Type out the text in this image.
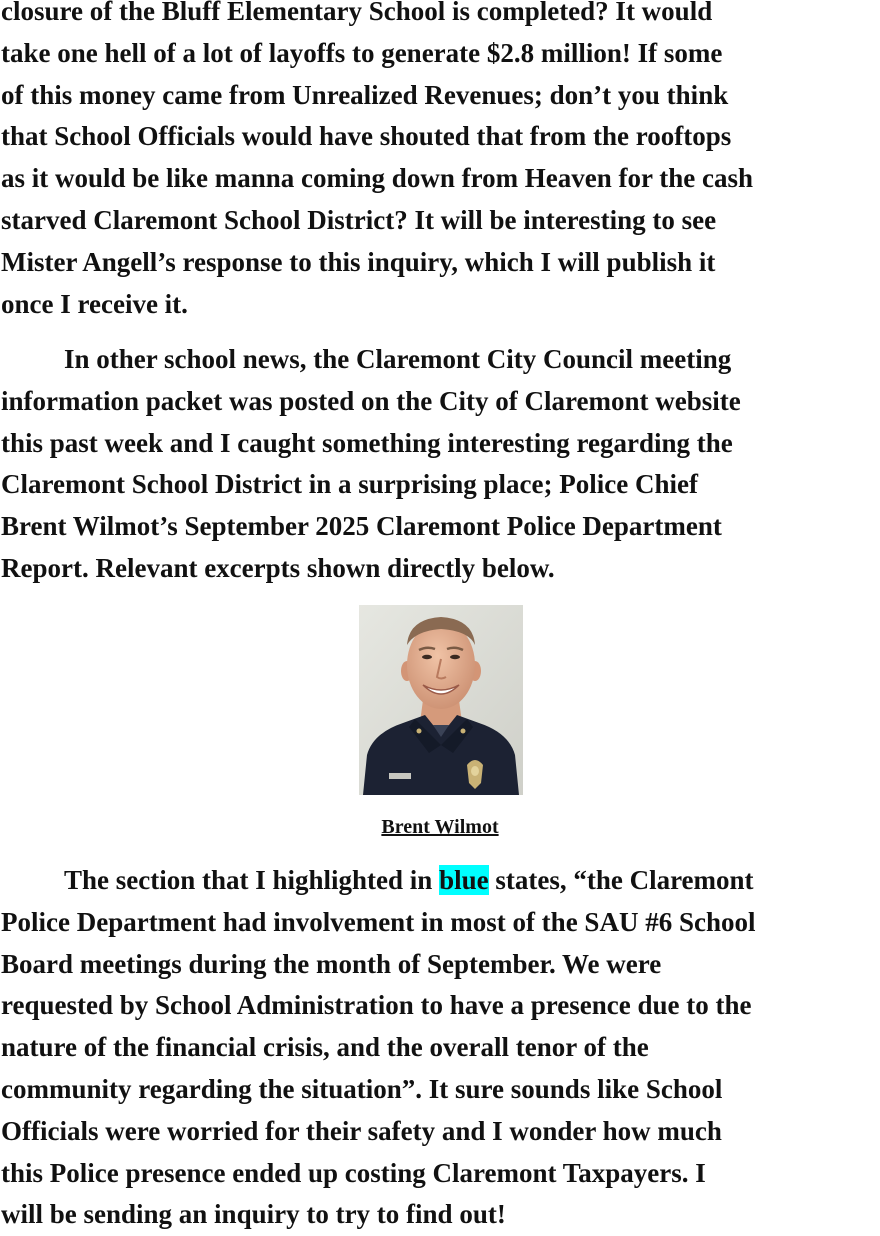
closure of the Bluff Elementary School is completed? It would
take one hell of a lot of layoffs to generate $2.8 million! If some
of this money came from Unrealized Revenues; don’t you think
that School Officials would have shouted that from the rooftops
as it would be like manna coming down from Heaven for the cash
starved Claremont School District? It will be interesting to see
Mister Angell’s response to this inquiry, which I will publish it
once I receive it.
In other school news, the Claremont City Council meeting
information packet was posted on the City of Claremont website
this past week and I caught something interesting regarding the
Claremont School District in a surprising place; Police Chief
Brent Wilmot’s September 2025 Claremont Police Department
Report. Relevant excerpts shown directly below.
Brent Wilmot
The section that I highlighted in blue states, “the Claremont
Police Department had involvement in most of the SAU #6 School
Board meetings during the month of September. We were
requested by School Administration to have a presence due to the
nature of the financial crisis, and the overall tenor of the
community regarding the situation”. It sure sounds like School
Officials were worried for their safety and I wonder how much
this Police presence ended up costing Claremont Taxpayers. I
will be sending an inquiry to try to find out!
